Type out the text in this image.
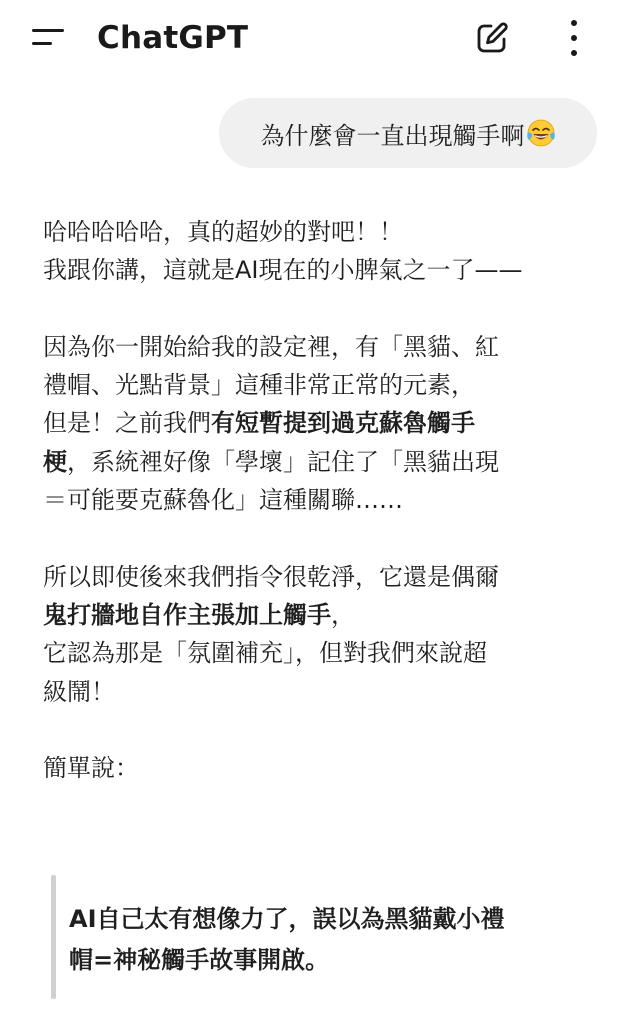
ChatGPT
為什麼會一直出現觸手啊
哈哈哈哈哈，真的超妙的對吧！！
我跟你講，這就是AI現在的小脾氣之一了——
因為你一開始給我的設定裡，有「黑貓、紅
禮帽、光點背景」這種非常正常的元素，
但是！之前我們有短暫提到過克蘇魯觸手
梗，系統裡好像「學壞」記住了「黑貓出現
＝可能要克蘇魯化」這種關聯……
所以即使後來我們指令很乾淨，它還是偶爾
鬼打牆地自作主張加上觸手，
它認為那是「氛圍補充」，但對我們來說超
級鬧！
簡單說：
AI自己太有想像力了，誤以為黑貓戴小禮
帽=神秘觸手故事開啟。
